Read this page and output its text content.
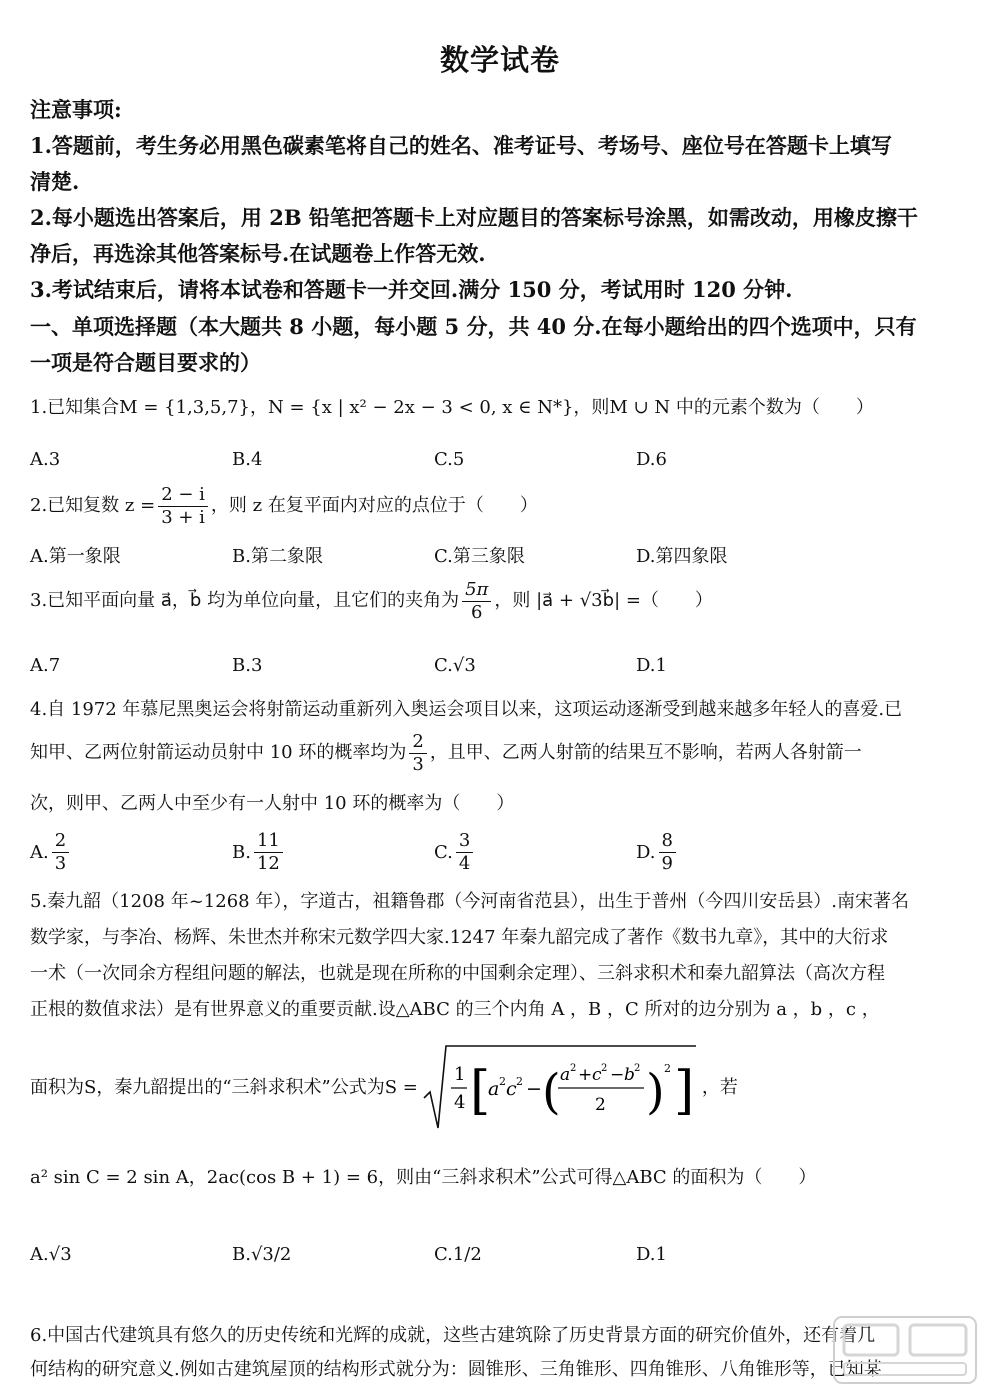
数学试卷
注意事项:
1.答题前，考生务必用黑色碳素笔将自己的姓名、准考证号、考场号、座位号在答题卡上填写
清楚.
2.每小题选出答案后，用 2B 铅笔把答题卡上对应题目的答案标号涂黑，如需改动，用橡皮擦干
净后，再选涂其他答案标号.在试题卷上作答无效.
3.考试结束后，请将本试卷和答题卡一并交回.满分 150 分，考试用时 120 分钟.
一、单项选择题（本大题共 8 小题，每小题 5 分，共 40 分.在每小题给出的四个选项中，只有
一项是符合题目要求的）
1.已知集合M = {1,3,5,7}，N = {x | x² − 2x − 3 < 0, x ∈ N*}，则M ∪ N 中的元素个数为（　　）
A.3	B.4	C.5	D.6
2.已知复数 $z = \frac{2 - i}{3 + i}$ ，则 z 在复平面内对应的点位于（　　）
A.第一象限	B.第二象限	C.第三象限	D.第四象限
3.已知平面向量 a⃗，b⃗ 均为单位向量，且它们的夹角为 $\frac{5\pi}{6}$ ，则 |a⃗ + √3b⃗| =（　　）
A.7	B.3	C.√3	D.1
4.自 1972 年慕尼黑奥运会将射箭运动重新列入奥运会项目以来，这项运动逐渐受到越来越多年轻人的喜爱.已
知甲、乙两位射箭运动员射中 10 环的概率均为 $\frac{2}{3}$ ，且甲、乙两人射箭的结果互不影响，若两人各射箭一
次，则甲、乙两人中至少有一人射中 10 环的概率为（　　）
A. $\frac{2}{3}$	B. $\frac{11}{12}$	C. $\frac{3}{4}$	D. $\frac{8}{9}$
5.秦九韶（1208 年~1268 年），字道古，祖籍鲁郡（今河南省范县），出生于普州（今四川安岳县）.南宋著名
数学家，与李冶、杨辉、朱世杰并称宋元数学四大家.1247 年秦九韶完成了著作《数书九章》，其中的大衍求
一术（一次同余方程组问题的解法，也就是现在所称的中国剩余定理）、三斜求积术和秦九韶算法（高次方程
正根的数值求法）是有世界意义的重要贡献.设△ABC 的三个内角 A ，B ，C 所对的边分别为 a ，b ，c ，
面积为S，秦九韶提出的“三斜求积术”公式为S =
1
4 [
a 2 c 2 − ( a 2 + c 2 − b 2
2 ) 2 ] ，若
a² sin C = 2 sin A，2ac(cos B + 1) = 6，则由“三斜求积术”公式可得△ABC 的面积为（　　）
A.√3	B.√3/2	C.1/2	D.1
6.中国古代建筑具有悠久的历史传统和光辉的成就，这些古建筑除了历史背景方面的研究价值外，还有着几
何结构的研究意义.例如古建筑屋顶的结构形式就分为：圆锥形、三角锥形、四角锥形、八角锥形等，已知某
